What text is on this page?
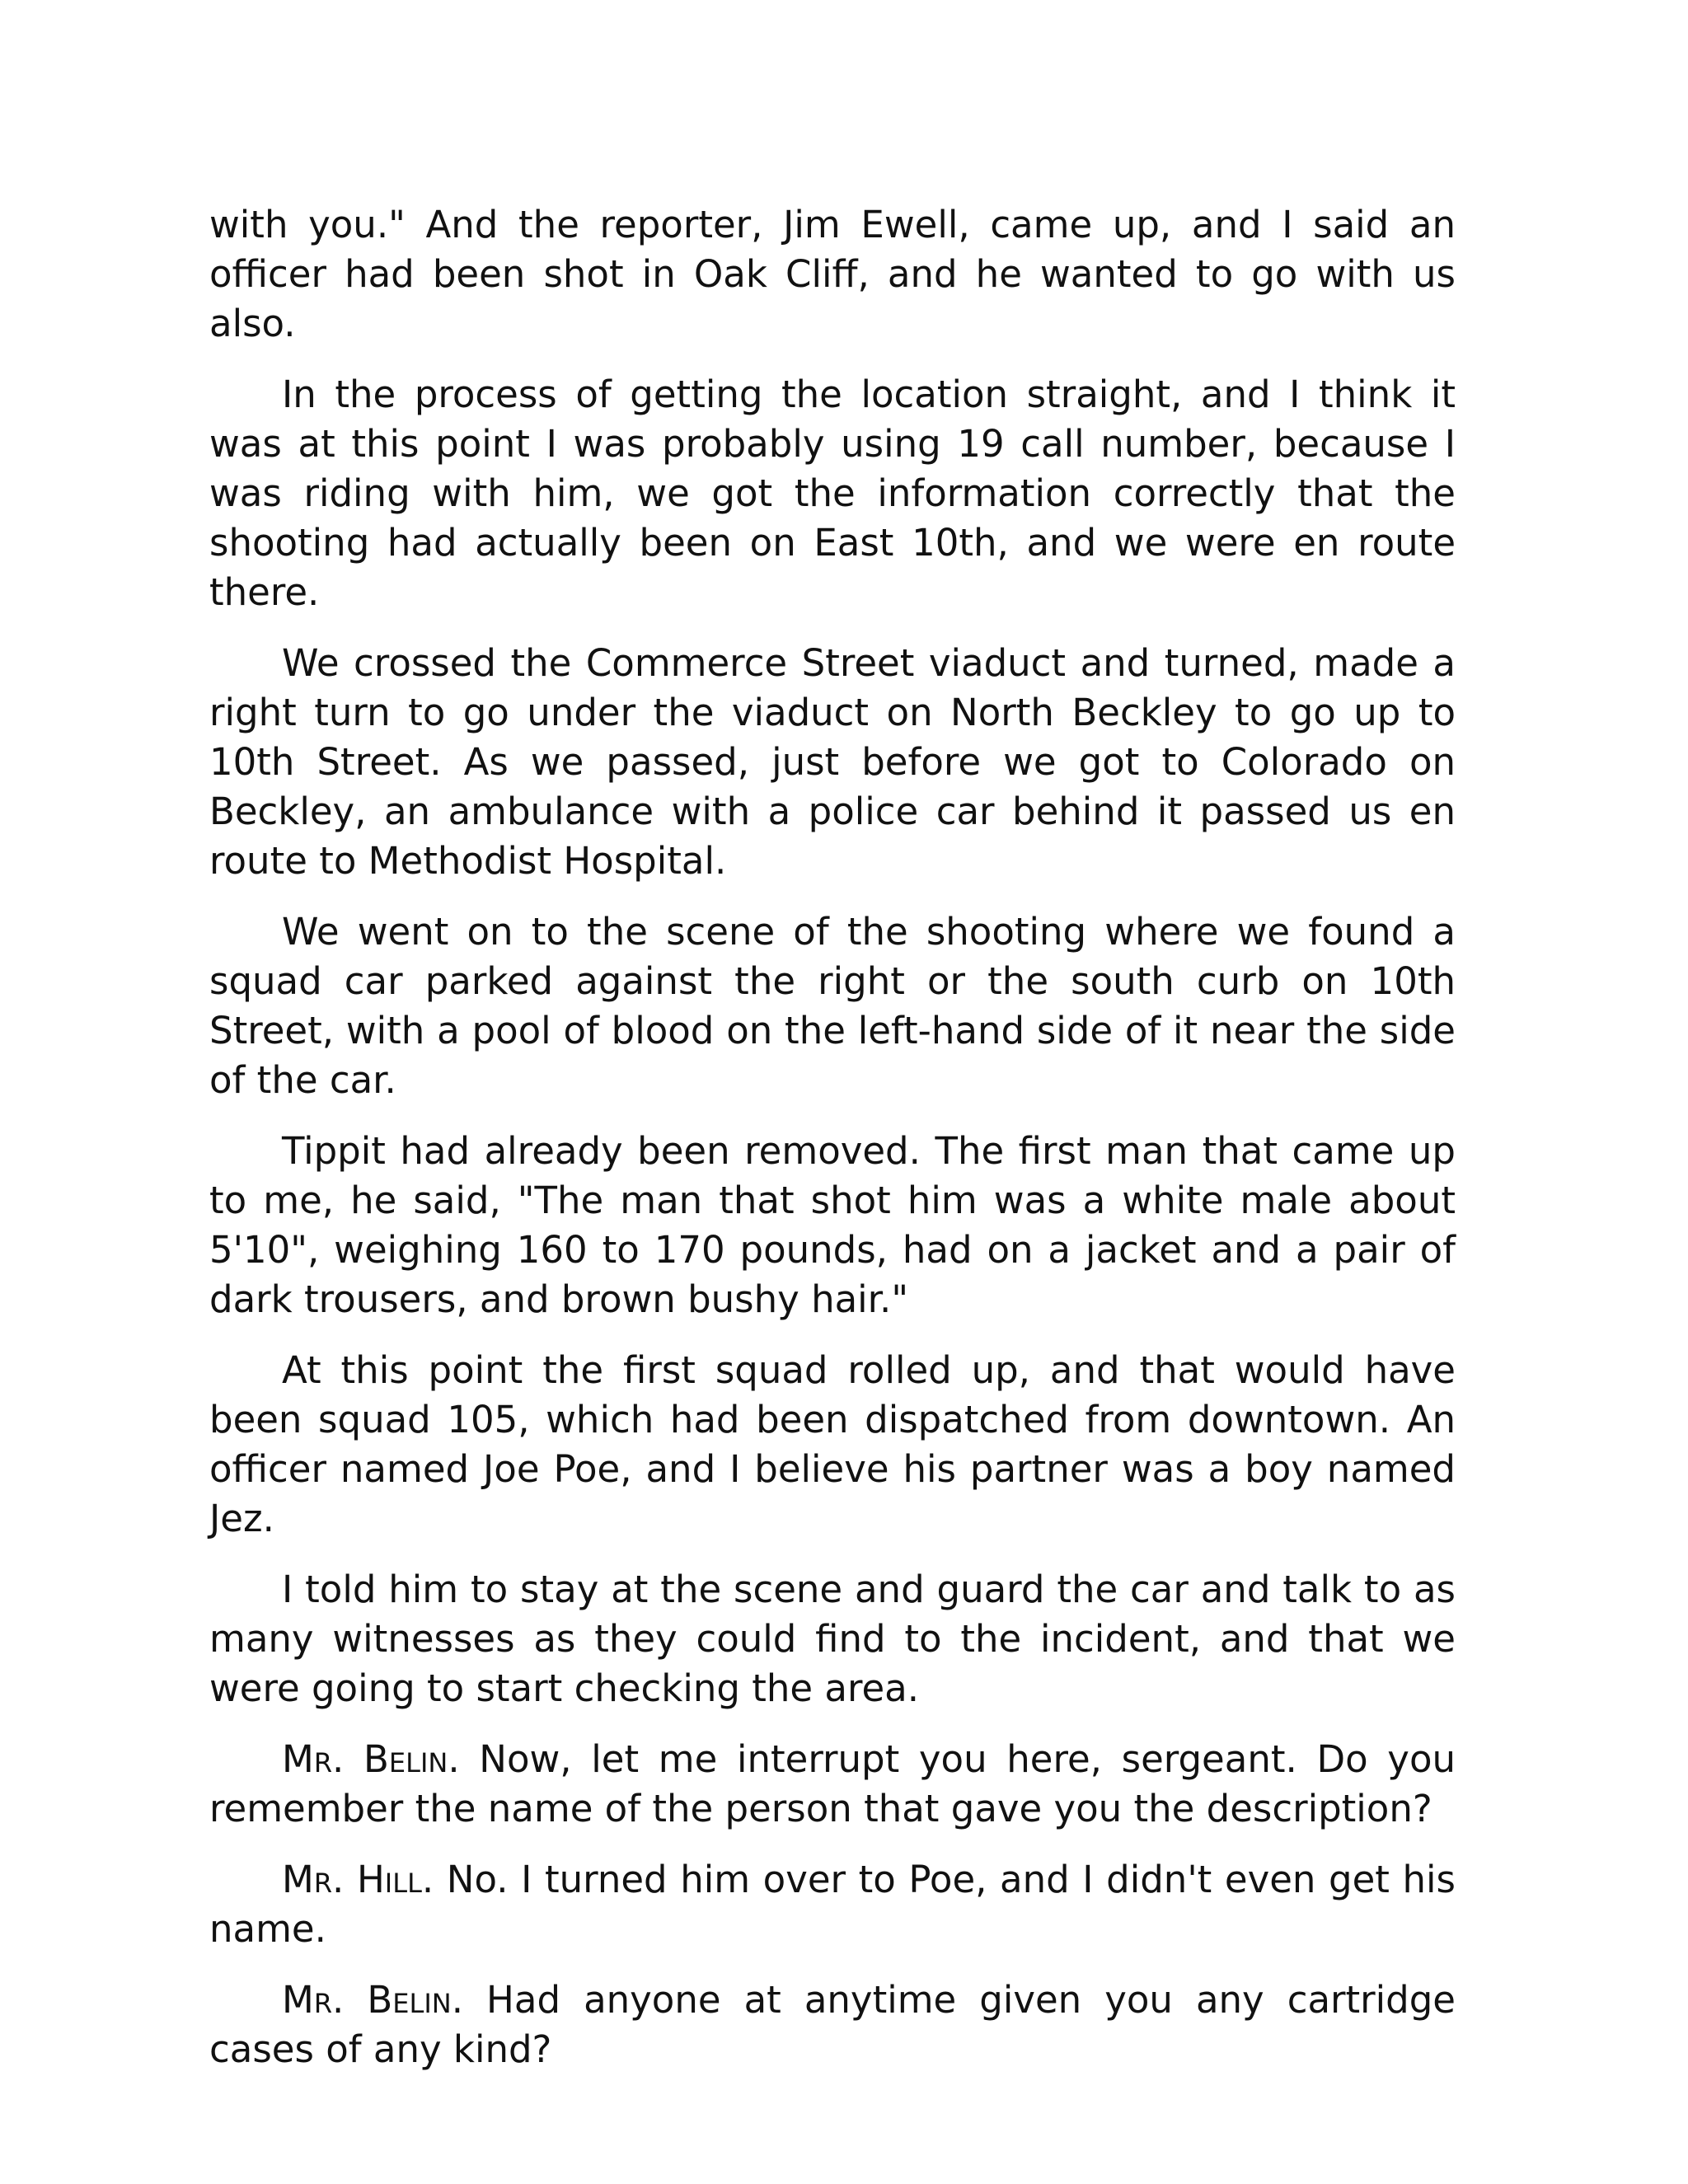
with you." And the reporter, Jim Ewell, came up, and I said an officer had been shot in Oak Cliff, and he wanted to go with us also.

In the process of getting the location straight, and I think it was at this point I was probably using 19 call number, because I was riding with him, we got the information correctly that the shooting had actually been on East 10th, and we were en route there.

We crossed the Commerce Street viaduct and turned, made a right turn to go under the viaduct on North Beckley to go up to 10th Street. As we passed, just before we got to Colorado on Beckley, an ambulance with a police car behind it passed us en route to Methodist Hospital.

We went on to the scene of the shooting where we found a squad car parked against the right or the south curb on 10th Street, with a pool of blood on the left-hand side of it near the side of the car.

Tippit had already been removed. The first man that came up to me, he said, "The man that shot him was a white male about 5'10", weighing 160 to 170 pounds, had on a jacket and a pair of dark trousers, and brown bushy hair."

At this point the first squad rolled up, and that would have been squad 105, which had been dispatched from downtown. An officer named Joe Poe, and I believe his partner was a boy named Jez.

I told him to stay at the scene and guard the car and talk to as many witnesses as they could find to the incident, and that we were going to start checking the area.

Mr. Belin. Now, let me interrupt you here, sergeant. Do you remember the name of the person that gave you the description?

Mr. Hill. No. I turned him over to Poe, and I didn't even get his name.

Mr. Belin. Had anyone at anytime given you any cartridge cases of any kind?
